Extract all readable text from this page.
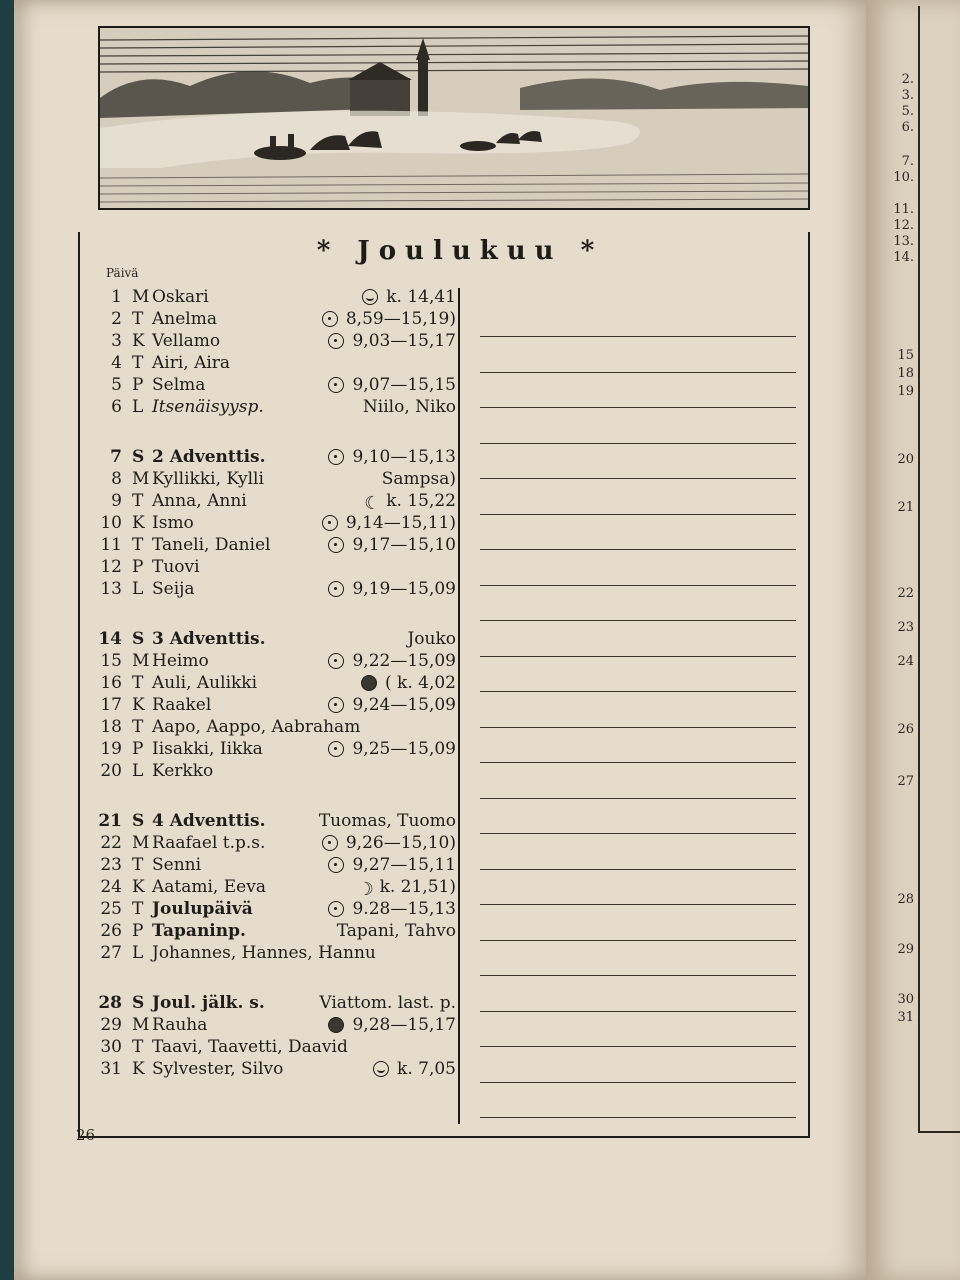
2.
3.
5.
6.
7.
10.
11.
12.
13.
14.
15
18
19
20
21
22
23
24
26
27
28
29
30
31
* Joulukuu *
Päivä
1 M Oskari	k. 14,41
2 T Anelma	8,59—15,19)
3 K Vellamo	9,03—15,17
4 T Airi, Aira
5 P Selma	9,07—15,15
6 L Itsenäisyysp.	Niilo, Niko
7 S 2 Adventtis.	9,10—15,13
8 M Kyllikki, Kylli	Sampsa)
9 T Anna, Anni	☾ k. 15,22
10 K Ismo	9,14—15,11)
11 T Taneli, Daniel	9,17—15,10
12 P Tuovi
13 L Seija	9,19—15,09
14 S 3 Adventtis.	Jouko
15 M Heimo	9,22—15,09
16 T Auli, Aulikki	( k. 4,02
17 K Raakel	9,24—15,09
18 T Aapo, Aappo, Aabraham
19 P Iisakki, Iikka	9,25—15,09
20 L Kerkko
21 S 4 Adventtis.	Tuomas, Tuomo
22 M Raafael t.p.s.	9,26—15,10)
23 T Senni	9,27—15,11
24 K Aatami, Eeva	☽ k. 21,51)
25 T Joulupäivä	9.28—15,13
26 P Tapaninp.	Tapani, Tahvo
27 L Johannes, Hannes, Hannu
28 S Joul. jälk. s.	Viattom. last. p.
29 M Rauha	9,28—15,17
30 T Taavi, Taavetti, Daavid
31 K Sylvester, Silvo	k. 7,05
26
